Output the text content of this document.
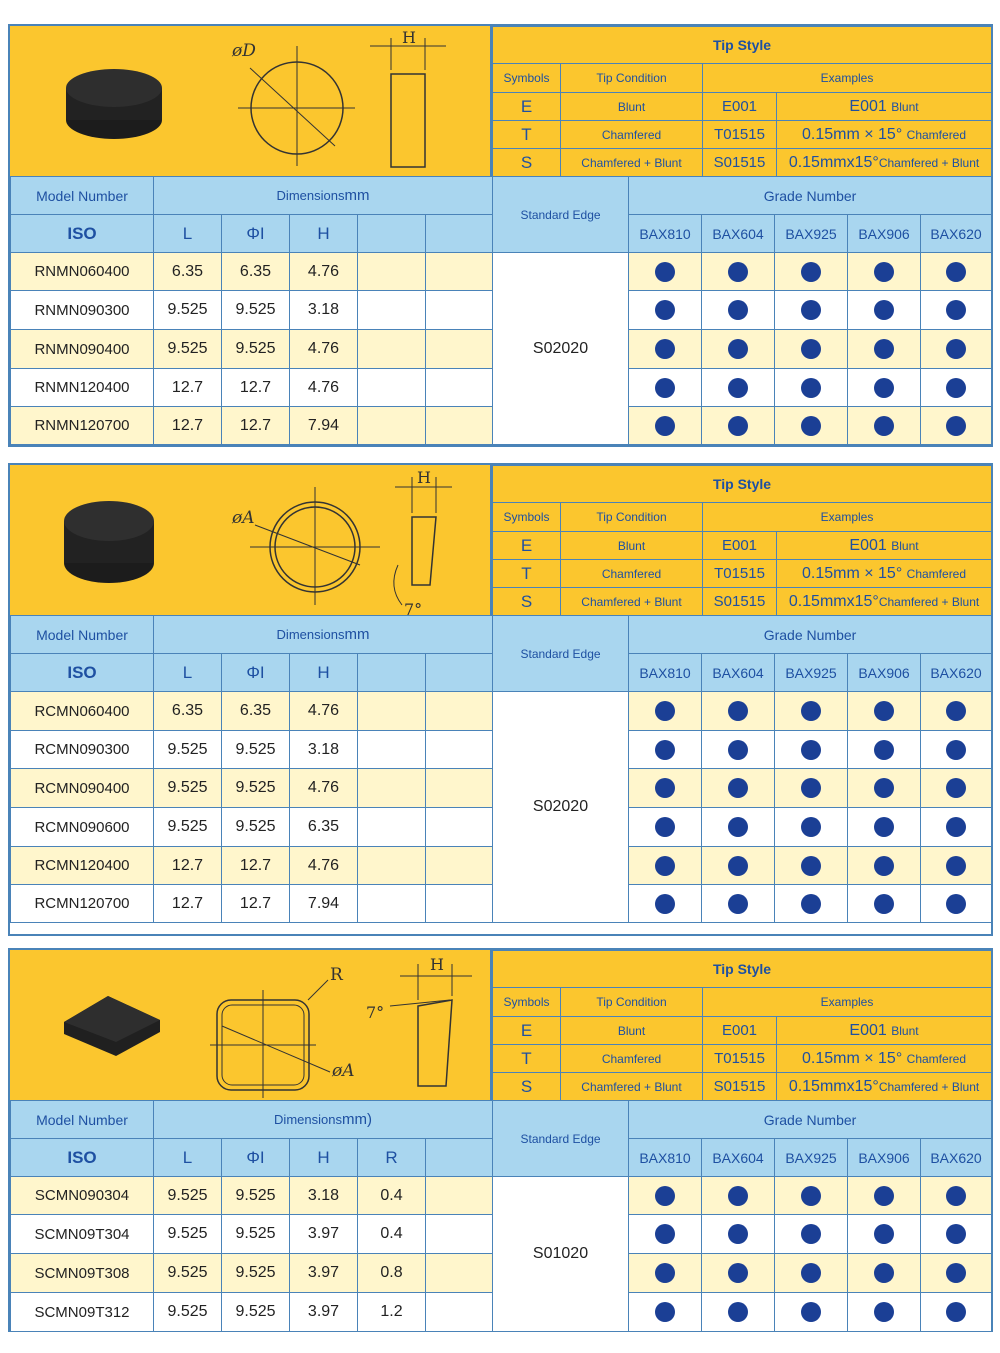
øD
H	Tip Style			
Symbols	Tip Condition	Examples	
E	Blunt	E001	E001 Blunt
T	Chamfered	T01515	0.15mm × 15° Chamfered
S	Chamfered + Blunt	S01515	0.15mmx15°Chamfered + Blunt
Model Number	Dimensionsmm					Standard Edge	Grade Number				
ISO	L	ΦI	H				BAX810	BAX604	BAX925	BAX906	BAX620
RNMN060400	6.35	6.35	4.76			S02020					
RNMN090300	9.525	9.525	3.18								
RNMN090400	9.525	9.525	4.76								
RNMN120400	12.7	12.7	4.76								
RNMN120700	12.7	12.7	7.94								
øA
H
7°
Tip Style			
Symbols	Tip Condition	Examples	
E	Blunt	E001	E001 Blunt
T	Chamfered	T01515	0.15mm × 15° Chamfered
S	Chamfered + Blunt	S01515	0.15mmx15°Chamfered + Blunt
Model Number	Dimensionsmm					Standard Edge	Grade Number				
ISO	L	ΦI	H				BAX810	BAX604	BAX925	BAX906	BAX620
RCMN060400	6.35	6.35	4.76			S02020					
RCMN090300	9.525	9.525	3.18								
RCMN090400	9.525	9.525	4.76								
RCMN090600	9.525	9.525	6.35								
RCMN120400	12.7	12.7	4.76								
RCMN120700	12.7	12.7	7.94								
R
øA
H
7°
Tip Style			
Symbols	Tip Condition	Examples	
E	Blunt	E001	E001 Blunt
T	Chamfered	T01515	0.15mm × 15° Chamfered
S	Chamfered + Blunt	S01515	0.15mmx15°Chamfered + Blunt
Model Number	Dimensionsmm)					Standard Edge	Grade Number				
ISO	L	ΦI	H	R			BAX810	BAX604	BAX925	BAX906	BAX620
SCMN090304	9.525	9.525	3.18	0.4		S01020					
SCMN09T304	9.525	9.525	3.97	0.4							
SCMN09T308	9.525	9.525	3.97	0.8							
SCMN09T312	9.525	9.525	3.97	1.2							
